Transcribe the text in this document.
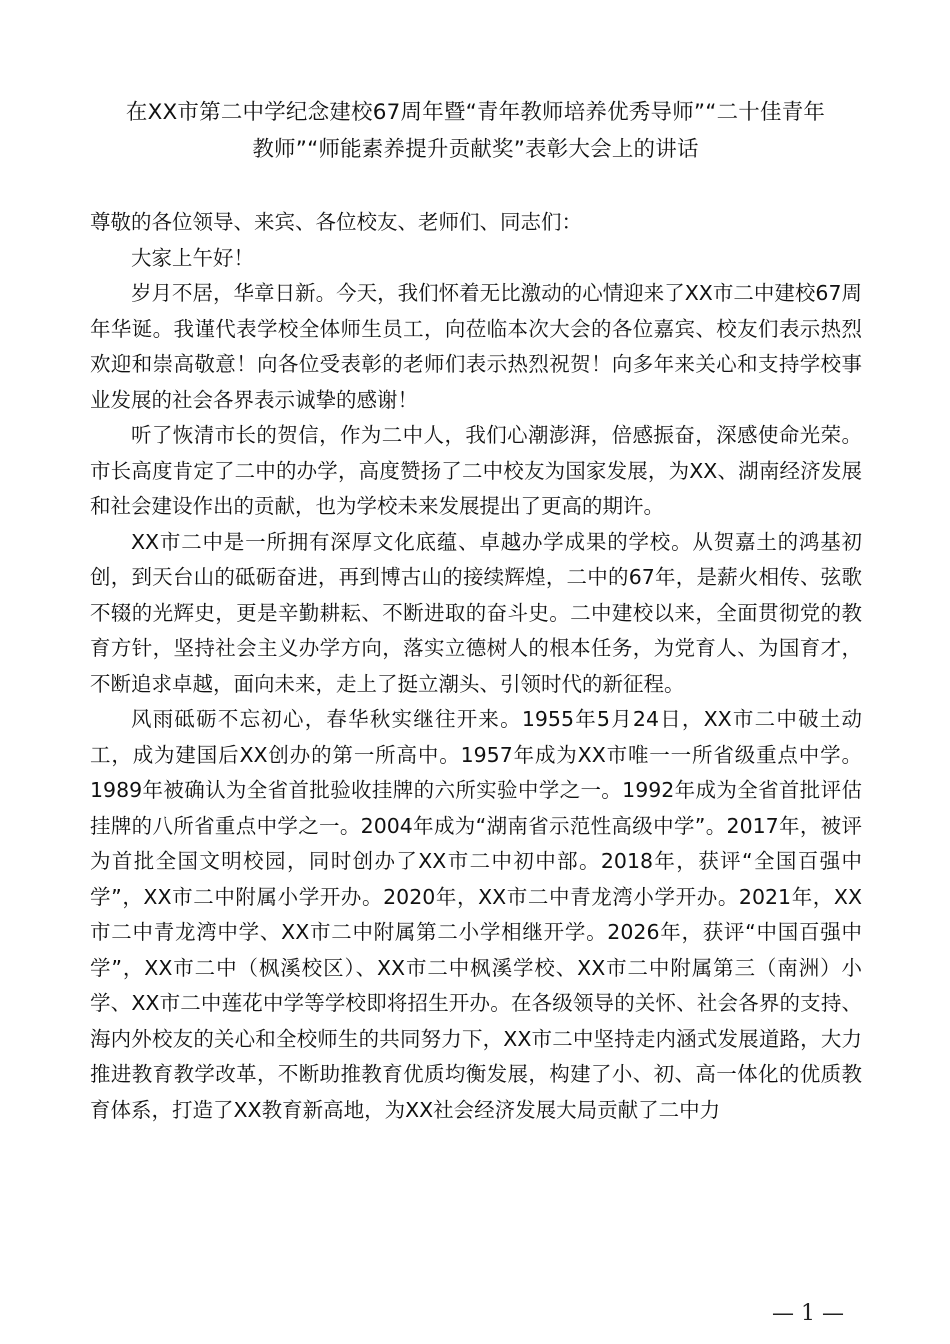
在XX市第二中学纪念建校67周年暨“青年教师培养优秀导师”“二十佳青年
教师”“师能素养提升贡献奖”表彰大会上的讲话

尊敬的各位领导、来宾、各位校友、老师们、同志们：

大家上午好！

岁月不居，华章日新。今天，我们怀着无比激动的心情迎来了XX市二中建校67周年华诞。我谨代表学校全体师生员工，向莅临本次大会的各位嘉宾、校友们表示热烈欢迎和崇高敬意！向各位受表彰的老师们表示热烈祝贺！向多年来关心和支持学校事业发展的社会各界表示诚挚的感谢！

听了恢清市长的贺信，作为二中人，我们心潮澎湃，倍感振奋，深感使命光荣。市长高度肯定了二中的办学，高度赞扬了二中校友为国家发展，为XX、湖南经济发展和社会建设作出的贡献，也为学校未来发展提出了更高的期许。

XX市二中是一所拥有深厚文化底蕴、卓越办学成果的学校。从贺嘉土的鸿基初创，到天台山的砥砺奋进，再到博古山的接续辉煌，二中的67年，是薪火相传、弦歌不辍的光辉史，更是辛勤耕耘、不断进取的奋斗史。二中建校以来，全面贯彻党的教育方针，坚持社会主义办学方向，落实立德树人的根本任务，为党育人、为国育才，不断追求卓越，面向未来，走上了挺立潮头、引领时代的新征程。

风雨砥砺不忘初心，春华秋实继往开来。1955年5月24日，XX市二中破土动工，成为建国后XX创办的第一所高中。1957年成为XX市唯一一所省级重点中学。1989年被确认为全省首批验收挂牌的六所实验中学之一。1992年成为全省首批评估挂牌的八所省重点中学之一。2004年成为“湖南省示范性高级中学”。2017年，被评为首批全国文明校园，同时创办了XX市二中初中部。2018年，获评“全国百强中学”，XX市二中附属小学开办。2020年，XX市二中青龙湾小学开办。2021年，XX市二中青龙湾中学、XX市二中附属第二小学相继开学。2026年，获评“中国百强中学”，XX市二中（枫溪校区）、XX市二中枫溪学校、XX市二中附属第三（南洲）小学、XX市二中莲花中学等学校即将招生开办。在各级领导的关怀、社会各界的支持、海内外校友的关心和全校师生的共同努力下，XX市二中坚持走内涵式发展道路，大力推进教育教学改革，不断助推教育优质均衡发展，构建了小、初、高一体化的优质教育体系，打造了XX教育新高地，为XX社会经济发展大局贡献了二中力

— 1 —
